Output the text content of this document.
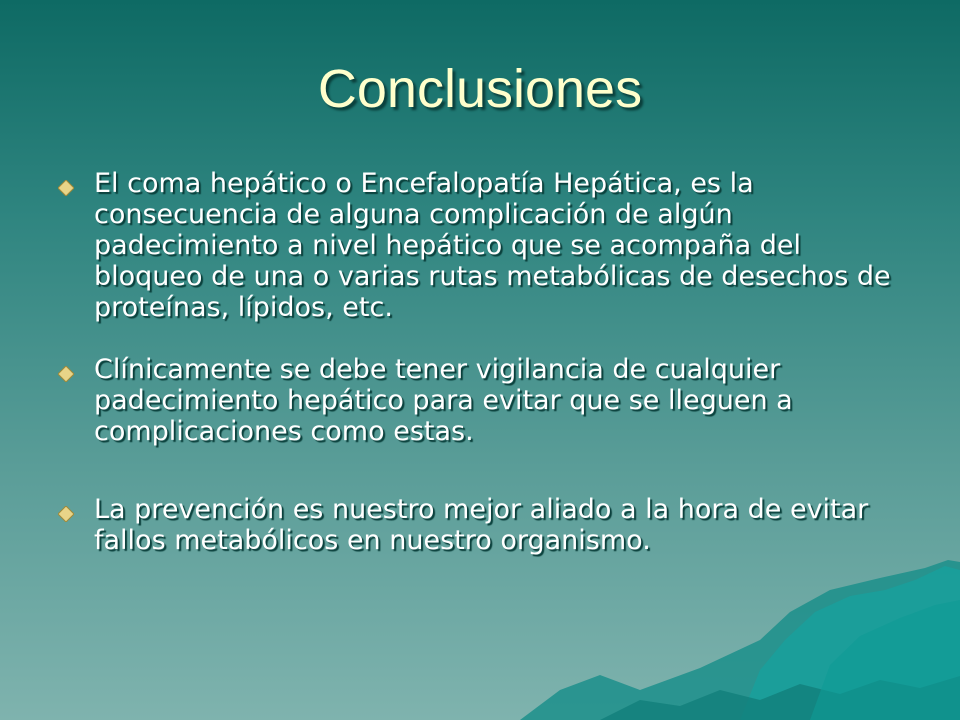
Conclusiones
El coma hepático o Encefalopatía Hepática, es la consecuencia de alguna complicación de algún padecimiento a nivel hepático que se acompaña del bloqueo de una o varias rutas metabólicas de desechos de proteínas, lípidos, etc.
Clínicamente se debe tener vigilancia de cualquier padecimiento hepático para evitar que se lleguen a complicaciones como estas.
La prevención es nuestro mejor aliado a la hora de evitar fallos metabólicos en nuestro organismo.
